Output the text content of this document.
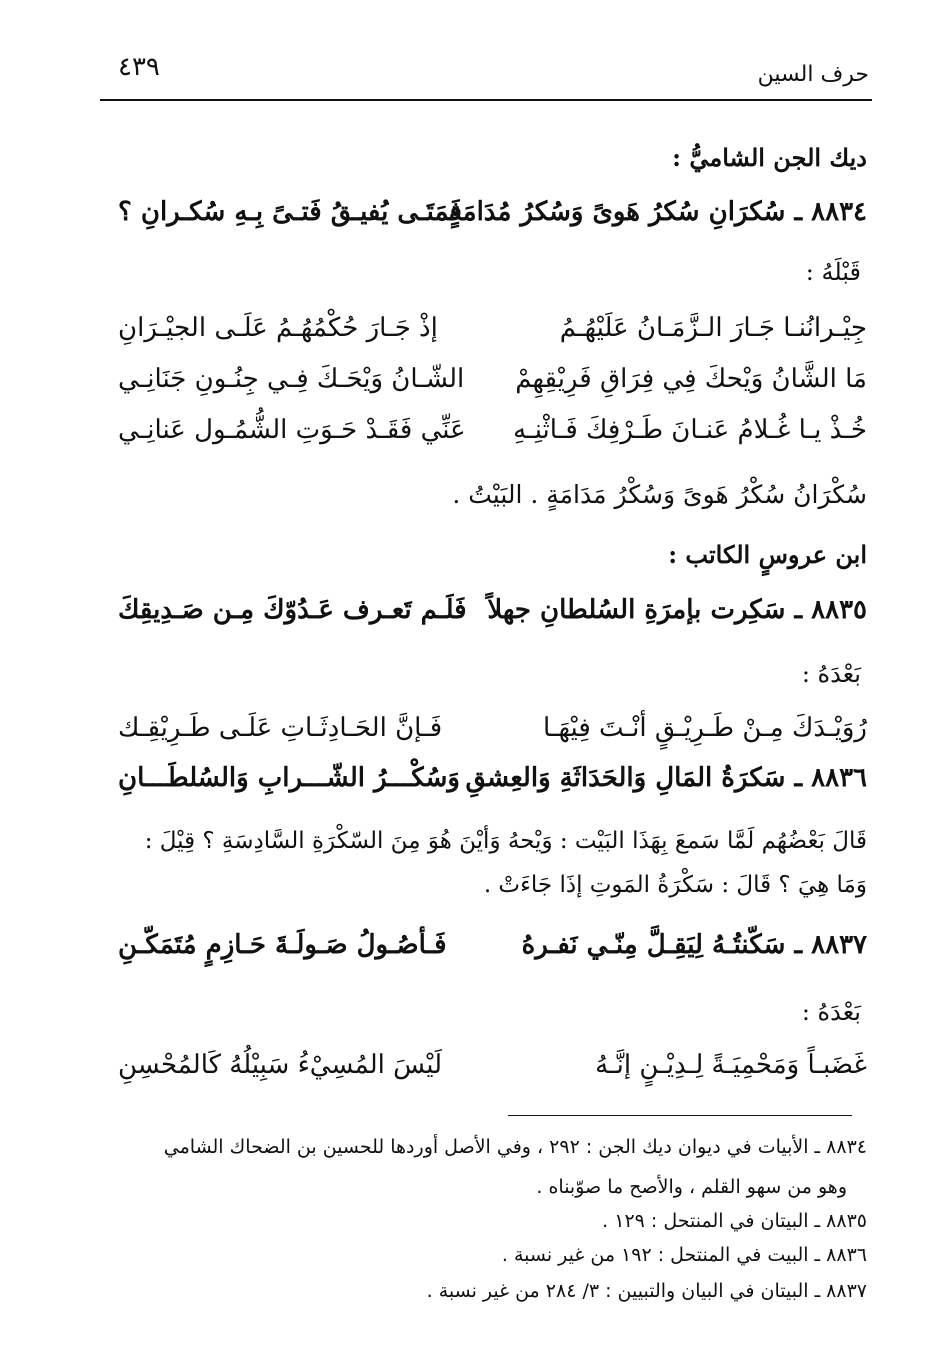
حرف السين
٤٣٩
ديك الجن الشاميُّ :
٨٨٣٤ ـ سُكرَانِ سُكرُ هَوىً وَسُكرُ مُدَامَةٍ
فَمَتَـى يُفيـقُ فَتـىً بِـهِ سُكـرانِ ؟
قَبْلَهُ :
جِيْـرانُنـا جَـارَ الـزَّمَـانُ عَلَيْهُـمُ
إذْ جَـارَ حُكْمُهُـمُ عَلَـى الجيْـرَانِ
مَا الشَّانُ وَيْحكَ فِي فِرَاقِ فَرِيْقِهِمْ
الشّـانُ وَيْحَـكَ فِـي جِنُـونِ جَنَانِـي
خُـذْ يـا غُـلامُ عَنـانَ طَـرْفِكَ فَـاثْنِـهِ
عَنِّي فَقَـدْ حَـوَتِ الشُّمُـول عَنانِـي
سُكْرَانُ سُكْرُ هَوىً وَسُكْرُ مَدَامَةٍ . البَيْتُ .
ابن عروسٍ الكاتب :
٨٨٣٥ ـ سَكِرت بإمرَةِ السُلطانِ جهلاً
فَلَـم تَعـرف عَـدُوّكَ مِـن صَـدِيقِكَ
بَعْدَهُ :
رُوَيْـدَكَ مِـنْ طَـرِيْـقٍ أنْـتَ فِيْهَـا
فَـإنَّ الحَـادِثَـاتِ عَلَـى طَـرِيْقِـك
٨٨٣٦ ـ سَكرَةُ المَالِ وَالحَدَاثَةِ وَالعِشقِ
وَسُكْـــرُ الشّـــرابِ وَالسُلطَـــانِ
قَالَ بَعْضُهُم لَمَّا سَمعَ بِهَذَا البَيْت : وَيْحهُ وَأيْنَ هُوَ مِنَ السّكْرَةِ السَّادِسَةِ ؟ قِيْلَ :
وَمَا هِيَ ؟ قَالَ : سَكْرَةُ المَوتِ إذَا جَاءَتْ .
٨٨٣٧ ـ سَكّنتُـهُ لِيَقِـلَّ مِنّـي نَفـرهُ
فَـأصُـولُ صَـولَـةَ حَـازِمٍ مُتَمَكّـنِ
بَعْدَهُ :
غَضَبـاً وَمَحْمِيَـةً لِـدِيْـنٍ إنَّـهُ
لَيْسَ المُسِيْءُ سَبِيْلُهُ كَالمُحْسِنِ
٨٨٣٤ ـ الأبيات في ديوان ديك الجن : ٢٩٢ ، وفي الأصل أوردها للحسين بن الضحاك الشامي
وهو من سهو القلم ، والأصح ما صوّبناه .
٨٨٣٥ ـ البيتان في المنتحل : ١٢٩ .
٨٨٣٦ ـ البيت في المنتحل : ١٩٢ من غير نسبة .
٨٨٣٧ ـ البيتان في البيان والتبيين : ٣/ ٢٨٤ من غير نسبة .
